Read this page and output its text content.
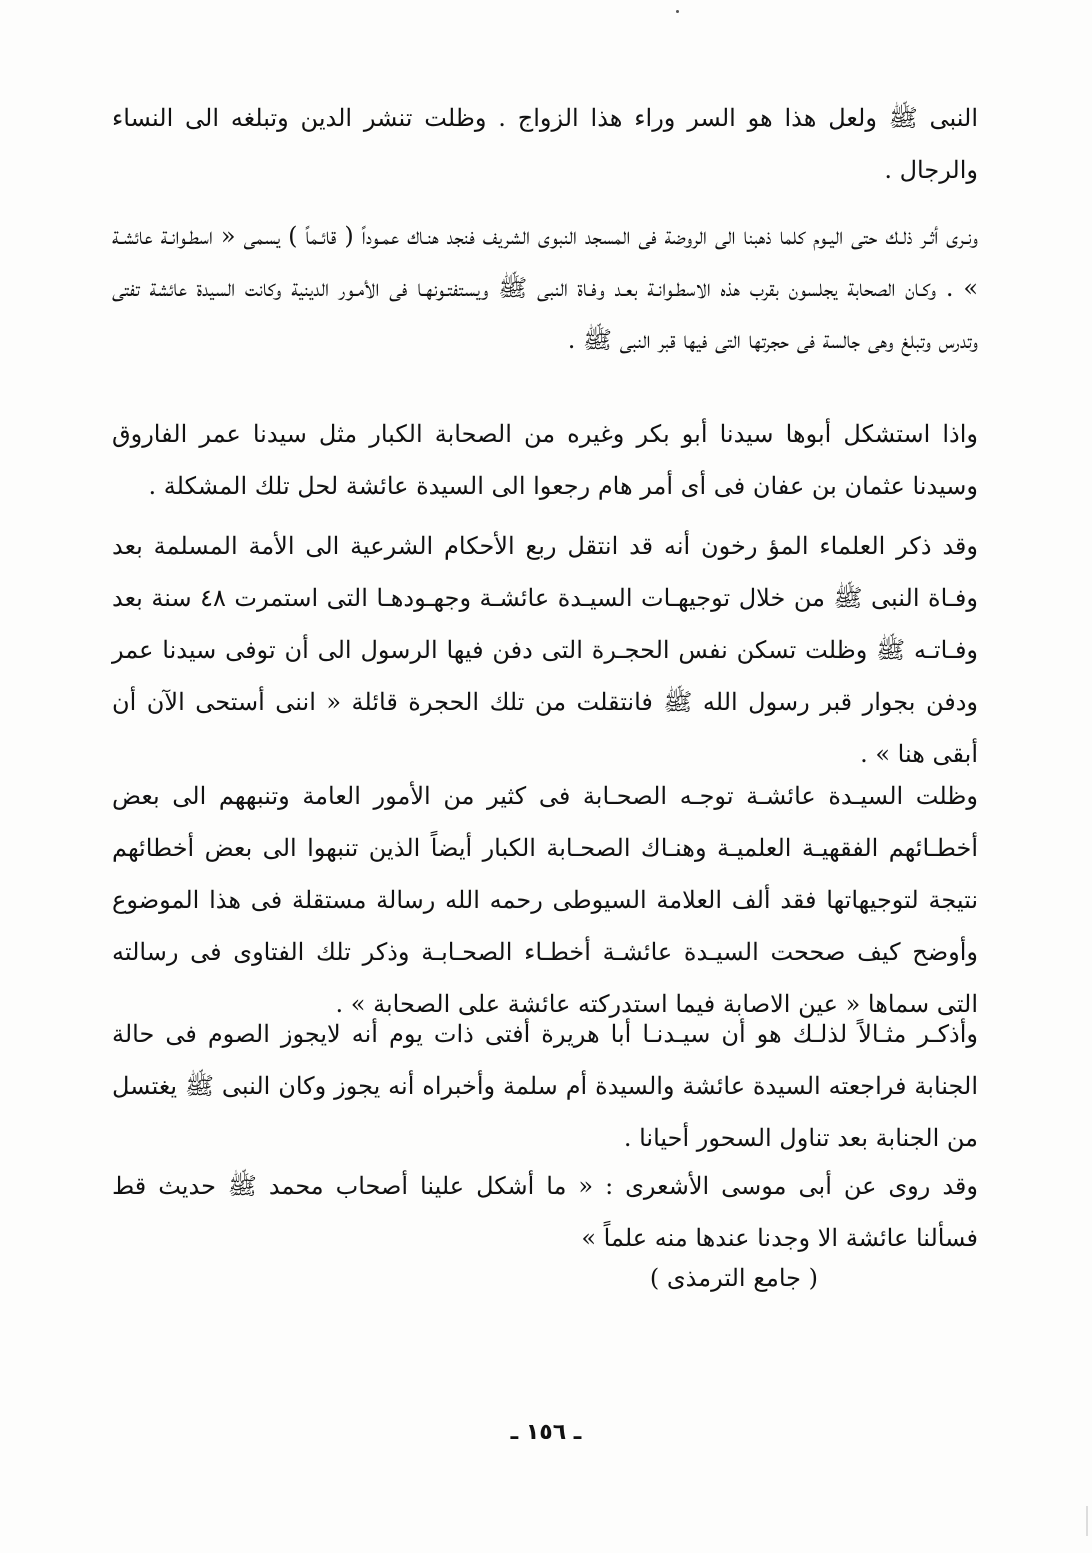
النبى ﷺ ولعل هذا هو السر وراء هذا الزواج . وظلت تنشر الدين وتبلغه الى النساء والرجال .

ونـرى أثـر ذلـك حتى اليـوم كلما ذهبنا الى الروضة فى المسجد النبوى الشريف فنجد هنـاك عمـوداً ( قائـماً ) يسمى « اسطـوانـة عائشـة » . وكـان الصحابة يجلسون بقرب هذه الاسطـوانـة بعـد وفـاة النبى ﷺ ويستفتـونهـا فى الأمـور الدينية وكانت السيدة عائشة تفتى وتدرس وتبلغ وهى جالسة فى حجرتها التى فيها قبر النبى ﷺ .

واذا استشكل أبوها سيدنا أبو بكر وغيره من الصحابة الكبار مثل سيدنا عمر الفاروق وسيدنا عثمان بن عفان فى أى أمر هام رجعوا الى السيدة عائشة لحل تلك المشكلة .

وقد ذكر العلماء المؤ رخون أنه قد انتقل ربع الأحكام الشرعية الى الأمة المسلمة بعد وفـاة النبى ﷺ من خلال توجيهـات السيـدة عائشـة وجهـودهـا التى استمرت ٤٨ سنة بعد وفـاتـه ﷺ وظلت تسكن نفس الحجـرة التى دفن فيها الرسول الى أن توفى سيدنا عمر ودفن بجوار قبر رسول الله ﷺ فانتقلت من تلك الحجرة قائلة « اننى أستحى الآن أن أبقى هنا » .

وظلت السيـدة عائشـة توجـه الصحـابة فى كثير من الأمور العامة وتنبههم الى بعض أخطـائهم الفقهيـة العلميـة وهنـاك الصحـابة الكبار أيضاً الذين تنبهوا الى بعض أخطائهم نتيجة لتوجيهاتها فقد ألف العلامة السيوطى رحمه الله رسالة مستقلة فى هذا الموضوع وأوضح كيف صححت السيـدة عائشـة أخطـاء الصحـابـة وذكر تلك الفتاوى فى رسالته التى سماها « عين الاصابة فيما استدركته عائشة على الصحابة » .

وأذكـر مثـالاً لذلـك هو أن سيـدنـا أبا هريرة أفتى ذات يوم أنه لايجوز الصوم فى حالة الجنابة فراجعته السيدة عائشة والسيدة أم سلمة وأخبراه أنه يجوز وكان النبى ﷺ يغتسل من الجنابة بعد تناول السحور أحيانا .

وقد روى عن أبى موسى الأشعرى : « ما أشكل علينا أصحاب محمد ﷺ حديث قط فسألنا عائشة الا وجدنا عندها منه علماً »

( جامع الترمذى )
ـ ١٥٦ ـ
